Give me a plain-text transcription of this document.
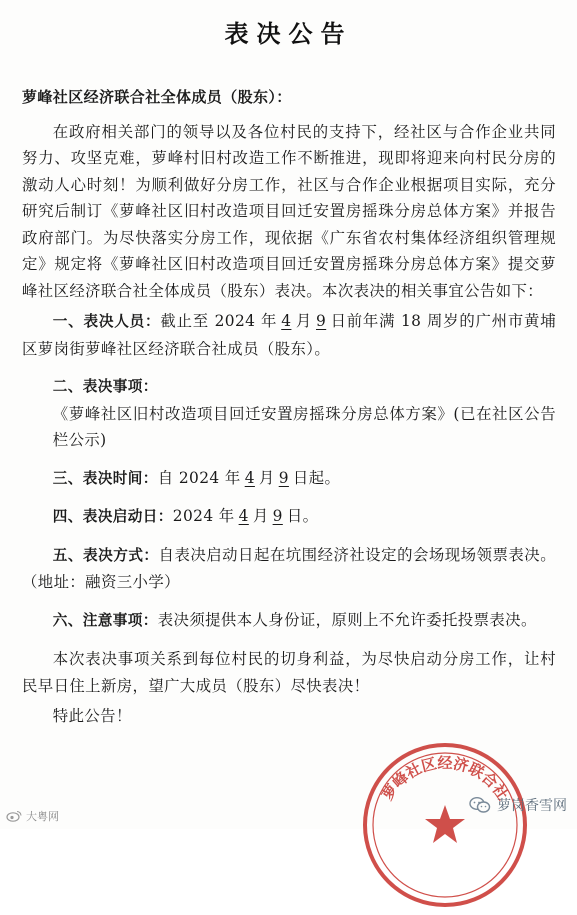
表决公告

萝峰社区经济联合社全体成员（股东）：

在政府相关部门的领导以及各位村民的支持下，经社区与合作企业共同努力、攻坚克难，萝峰村旧村改造工作不断推进，现即将迎来向村民分房的激动人心时刻！为顺利做好分房工作，社区与合作企业根据项目实际，充分研究后制订《萝峰社区旧村改造项目回迁安置房摇珠分房总体方案》并报告政府部门。为尽快落实分房工作，现依据《广东省农村集体经济组织管理规定》规定将《萝峰社区旧村改造项目回迁安置房摇珠分房总体方案》提交萝峰社区经济联合社全体成员（股东）表决。本次表决的相关事宜公告如下：

一、表决人员：截止至 2024 年 4 月 9 日前年满 18 周岁的广州市黄埔区萝岗街萝峰社区经济联合社成员（股东）。

二、表决事项：

《萝峰社区旧村改造项目回迁安置房摇珠分房总体方案》(已在社区公告栏公示)

三、表决时间：自 2024 年 4 月 9 日起。

四、表决启动日：2024 年 4 月 9 日。

五、表决方式：自表决启动日起在坑围经济社设定的会场现场领票表决。（地址：融资三小学）

六、注意事项：表决须提供本人身份证，原则上不允许委托投票表决。

本次表决事项关系到每位村民的切身利益，为尽快启动分房工作，让村民早日住上新房，望广大成员（股东）尽快表决！

特此公告！

萝峰社区经济联合社
大粤网
萝岗香雪网
